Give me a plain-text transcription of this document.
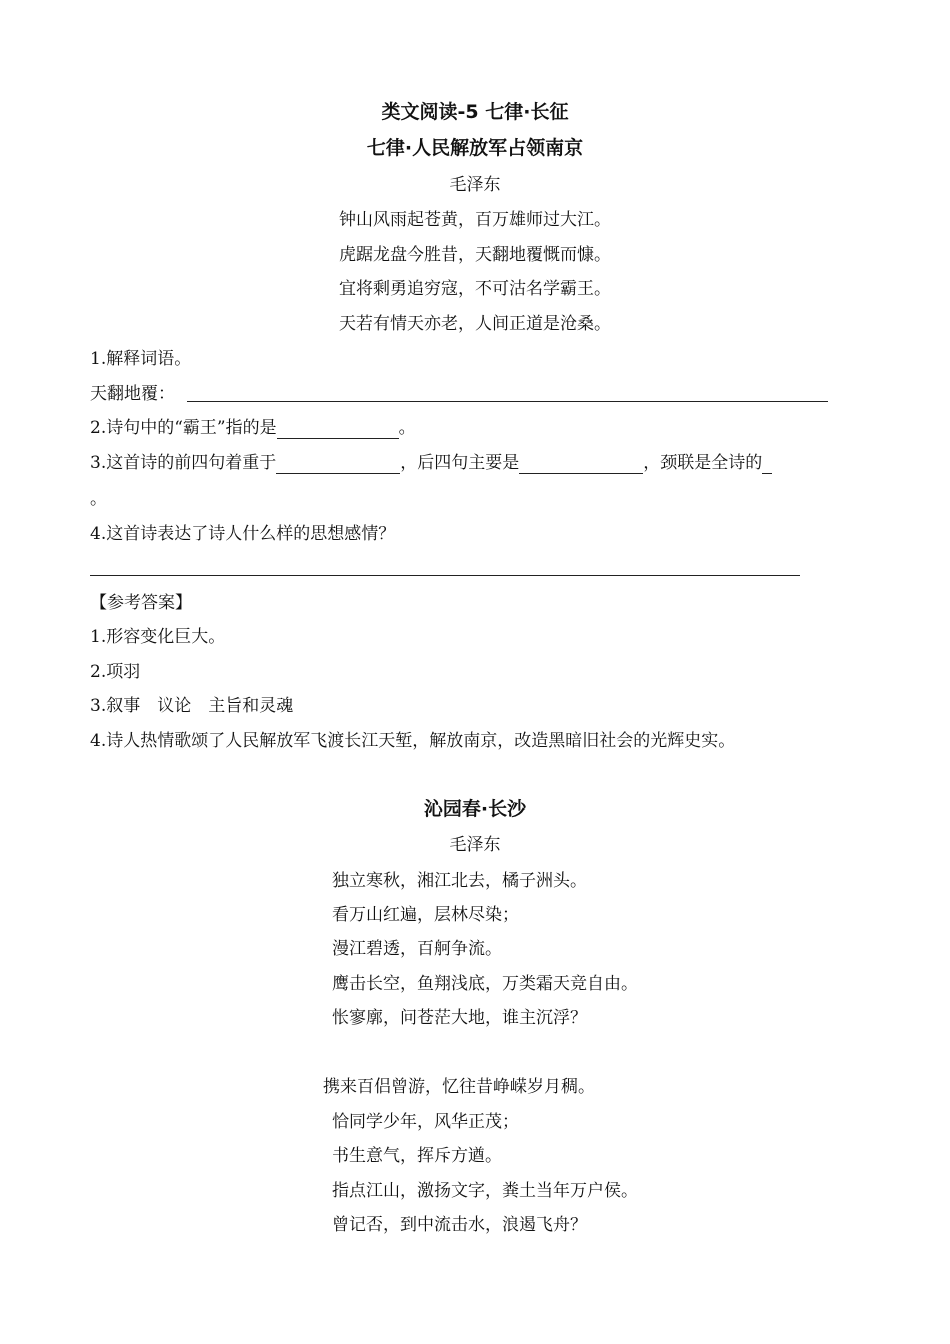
类文阅读-5 七律·长征
七律·人民解放军占领南京
毛泽东
钟山风雨起苍黄，百万雄师过大江。
虎踞龙盘今胜昔，天翻地覆慨而慷。
宜将剩勇追穷寇，不可沽名学霸王。
天若有情天亦老，人间正道是沧桑。
1.解释词语。
天翻地覆：
2.诗句中的“霸王”指的是	。
3.这首诗的前四句着重于	，后四句主要是	，颈联是全诗的
。
4.这首诗表达了诗人什么样的思想感情？
【参考答案】
1.形容变化巨大。
2.项羽
3.叙事　议论　主旨和灵魂
4.诗人热情歌颂了人民解放军飞渡长江天堑，解放南京，改造黑暗旧社会的光辉史实。
沁园春·长沙
毛泽东
独立寒秋，湘江北去，橘子洲头。
看万山红遍，层林尽染；
漫江碧透，百舸争流。
鹰击长空，鱼翔浅底，万类霜天竞自由。
怅寥廓，问苍茫大地，谁主沉浮？
携来百侣曾游，忆往昔峥嵘岁月稠。
恰同学少年，风华正茂；
书生意气，挥斥方遒。
指点江山，激扬文字，粪土当年万户侯。
曾记否，到中流击水，浪遏飞舟？
